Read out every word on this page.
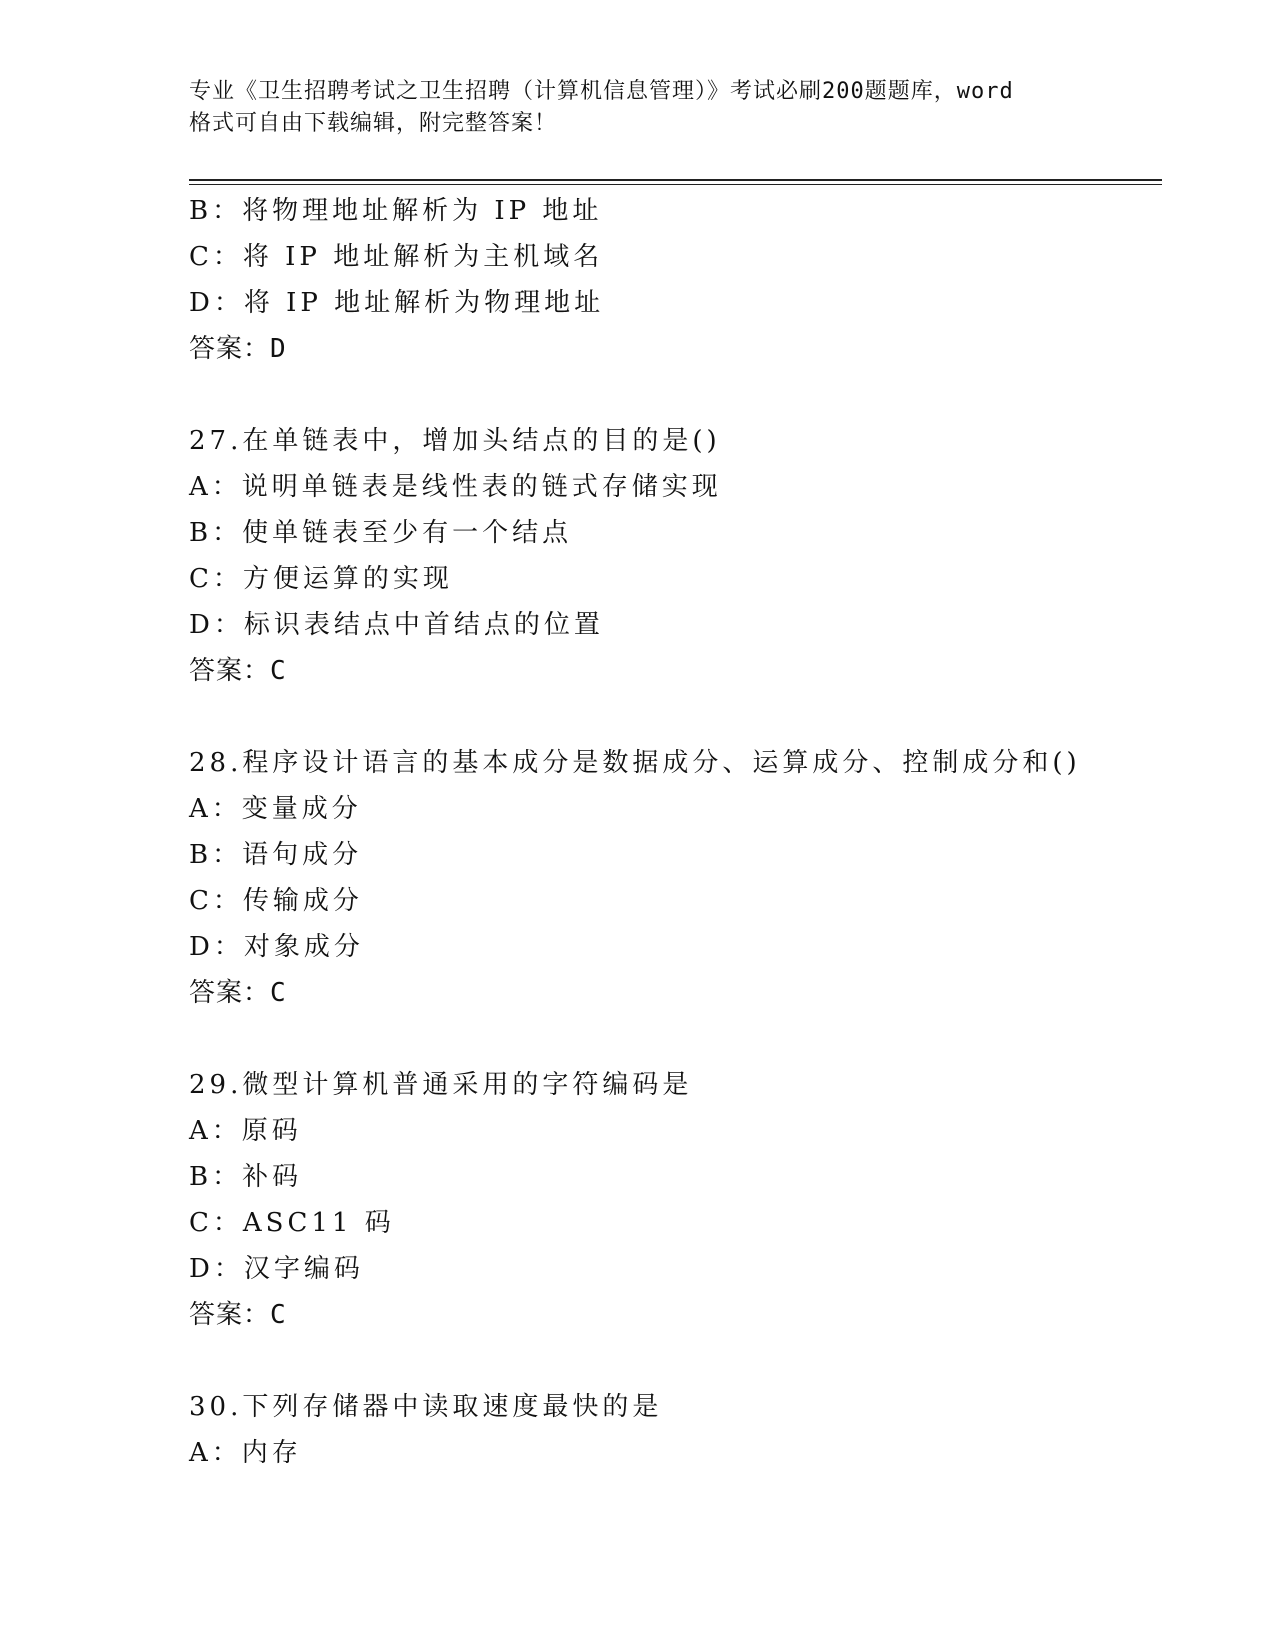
专业《卫生招聘考试之卫生招聘（计算机信息管理）》考试必刷200题题库，word
格式可自由下载编辑，附完整答案！
B：将物理地址解析为 IP 地址
C：将 IP 地址解析为主机域名
D：将 IP 地址解析为物理地址
答案：D
27.在单链表中，增加头结点的目的是()
A：说明单链表是线性表的链式存储实现
B：使单链表至少有一个结点
C：方便运算的实现
D：标识表结点中首结点的位置
答案：C
28.程序设计语言的基本成分是数据成分、运算成分、控制成分和()
A：变量成分
B：语句成分
C：传输成分
D：对象成分
答案：C
29.微型计算机普通采用的字符编码是
A：原码
B：补码
C：ASC11 码
D：汉字编码
答案：C
30.下列存储器中读取速度最快的是
A：内存
